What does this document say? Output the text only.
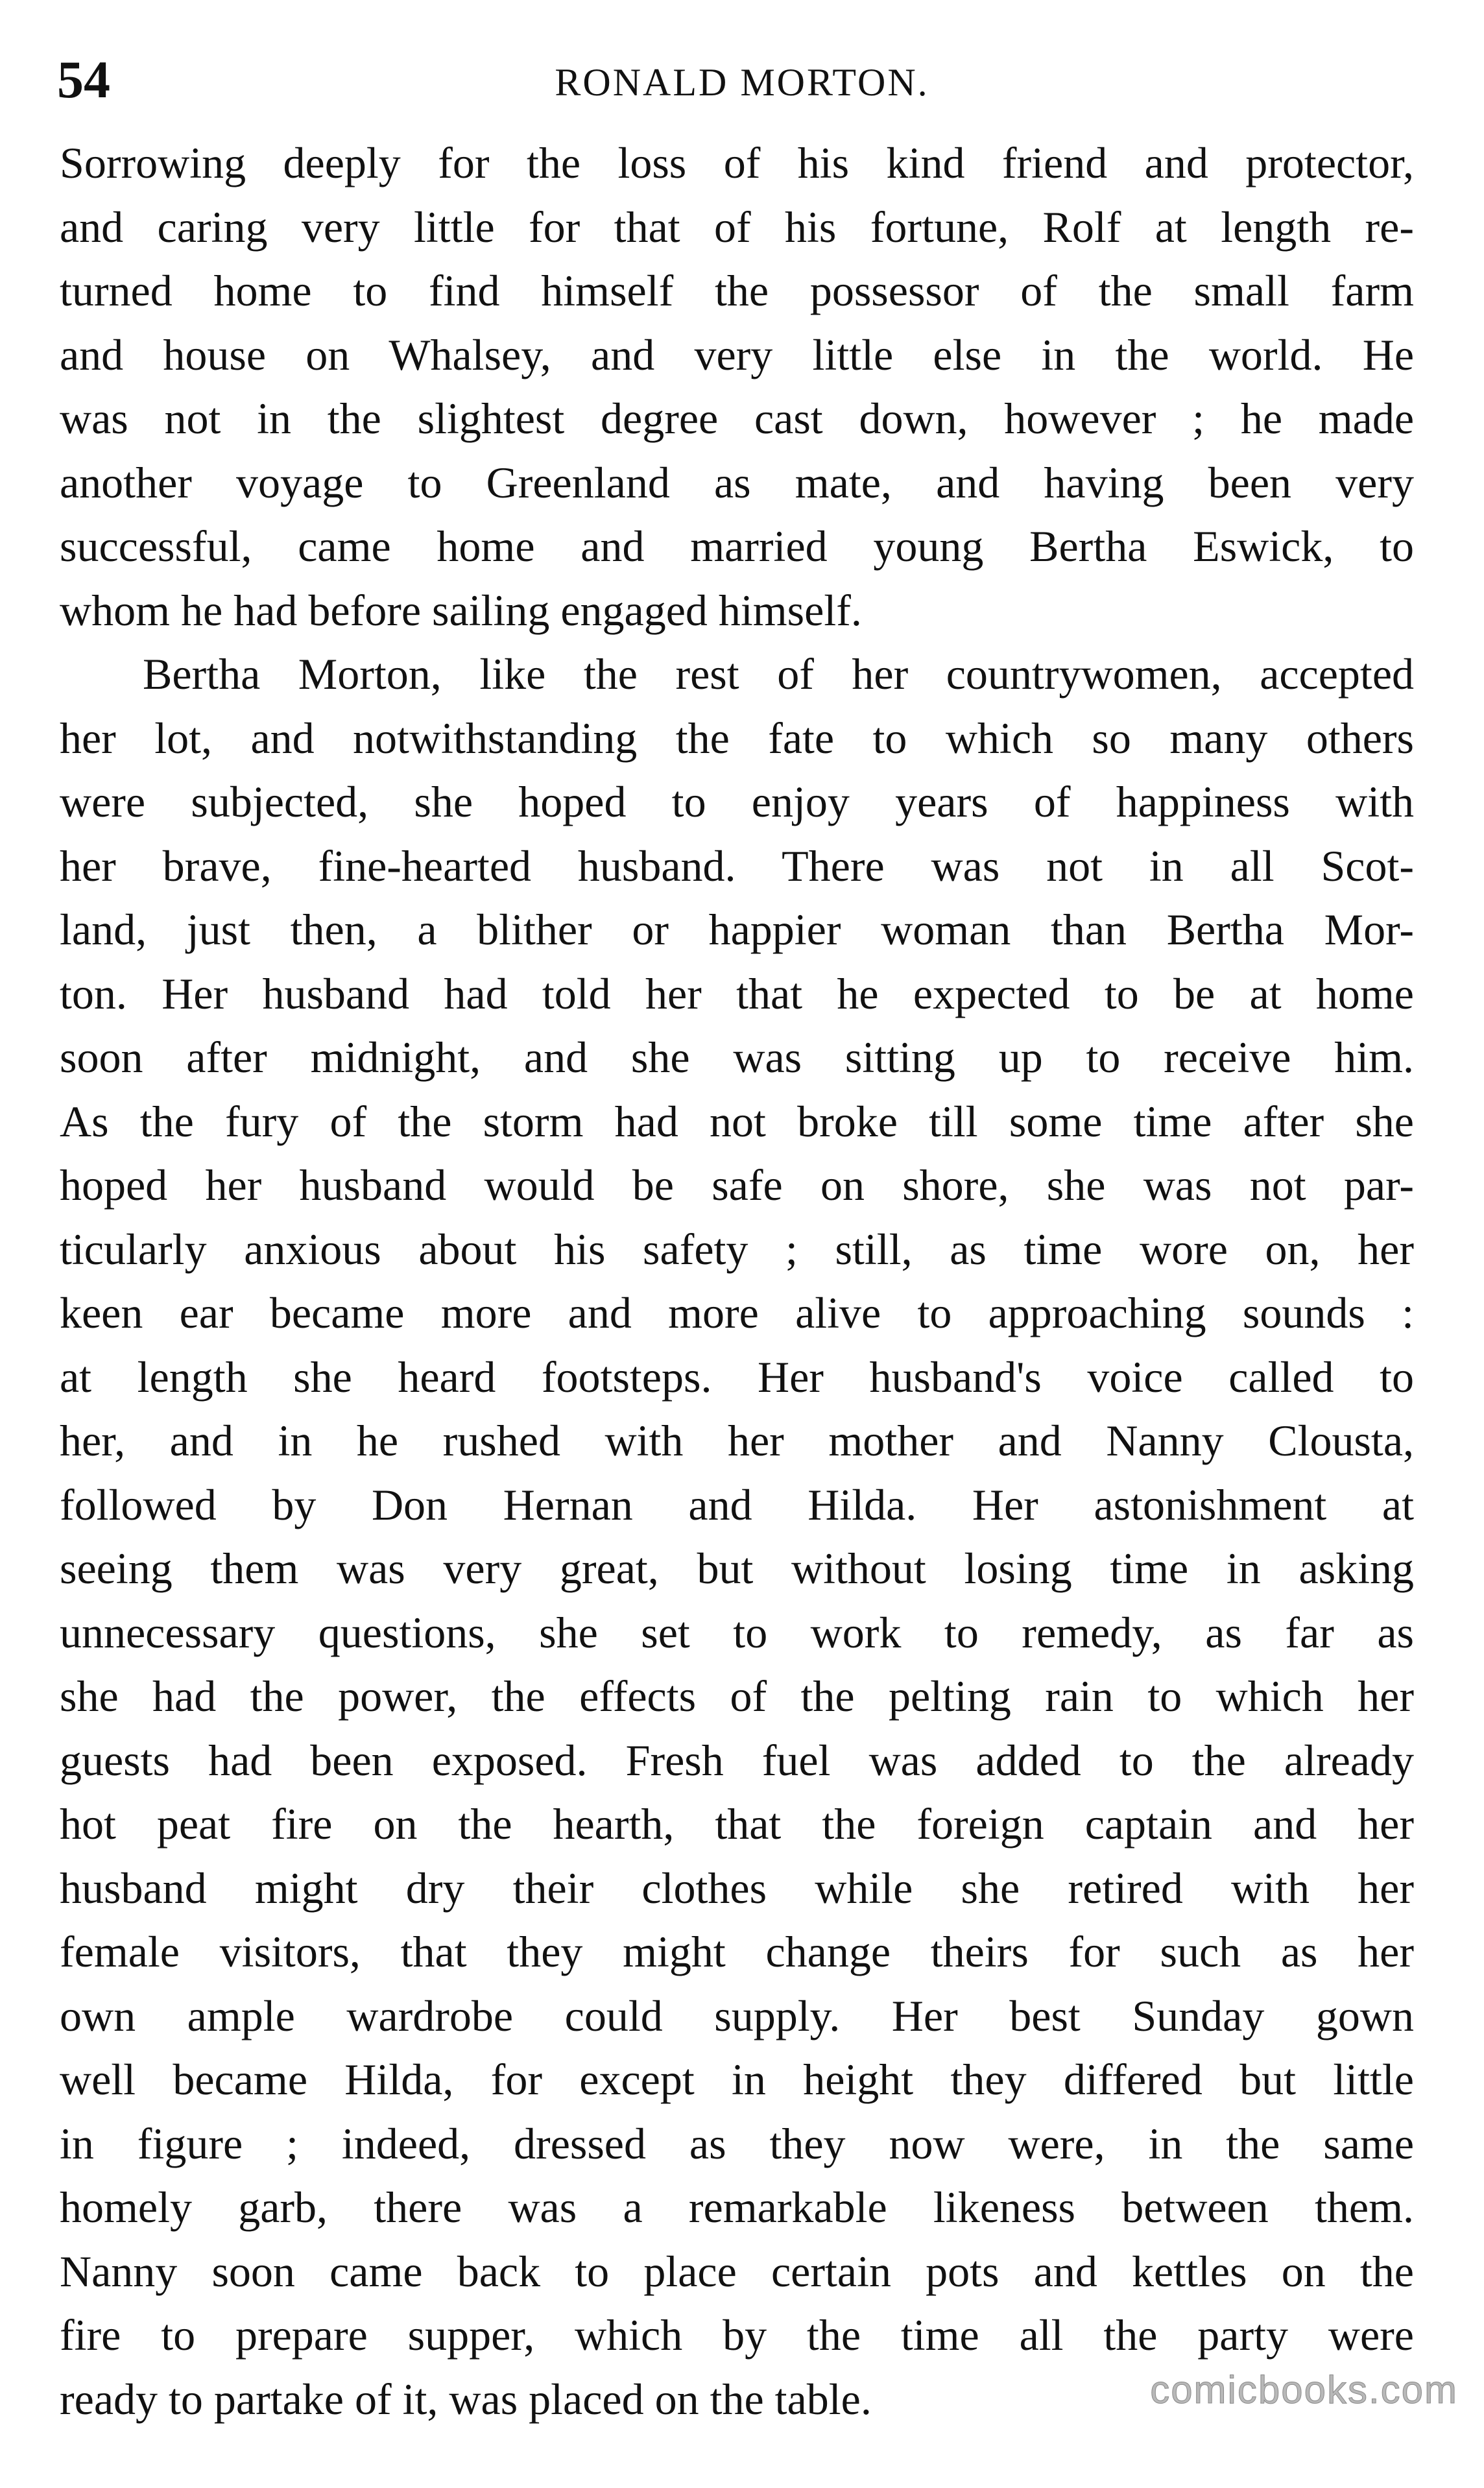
54	RONALD MORTON.
Sorrowing deeply for the loss of his kind friend and protector,
and caring very little for that of his fortune, Rolf at length re-
turned home to find himself the possessor of the small farm
and house on Whalsey, and very little else in the world. He
was not in the slightest degree cast down, however ; he made
another voyage to Greenland as mate, and having been very
successful, came home and married young Bertha Eswick, to
whom he had before sailing engaged himself.
Bertha Morton, like the rest of her countrywomen, accepted
her lot, and notwithstanding the fate to which so many others
were subjected, she hoped to enjoy years of happiness with
her brave, fine-hearted husband. There was not in all Scot-
land, just then, a blither or happier woman than Bertha Mor-
ton. Her husband had told her that he expected to be at home
soon after midnight, and she was sitting up to receive him.
As the fury of the storm had not broke till some time after she
hoped her husband would be safe on shore, she was not par-
ticularly anxious about his safety ; still, as time wore on, her
keen ear became more and more alive to approaching sounds :
at length she heard footsteps. Her husband's voice called to
her, and in he rushed with her mother and Nanny Clousta,
followed by Don Hernan and Hilda. Her astonishment at
seeing them was very great, but without losing time in asking
unnecessary questions, she set to work to remedy, as far as
she had the power, the effects of the pelting rain to which her
guests had been exposed. Fresh fuel was added to the already
hot peat fire on the hearth, that the foreign captain and her
husband might dry their clothes while she retired with her
female visitors, that they might change theirs for such as her
own ample wardrobe could supply. Her best Sunday gown
well became Hilda, for except in height they differed but little
in figure ; indeed, dressed as they now were, in the same
homely garb, there was a remarkable likeness between them.
Nanny soon came back to place certain pots and kettles on the
fire to prepare supper, which by the time all the party were
ready to partake of it, was placed on the table.	comicbooks.com
